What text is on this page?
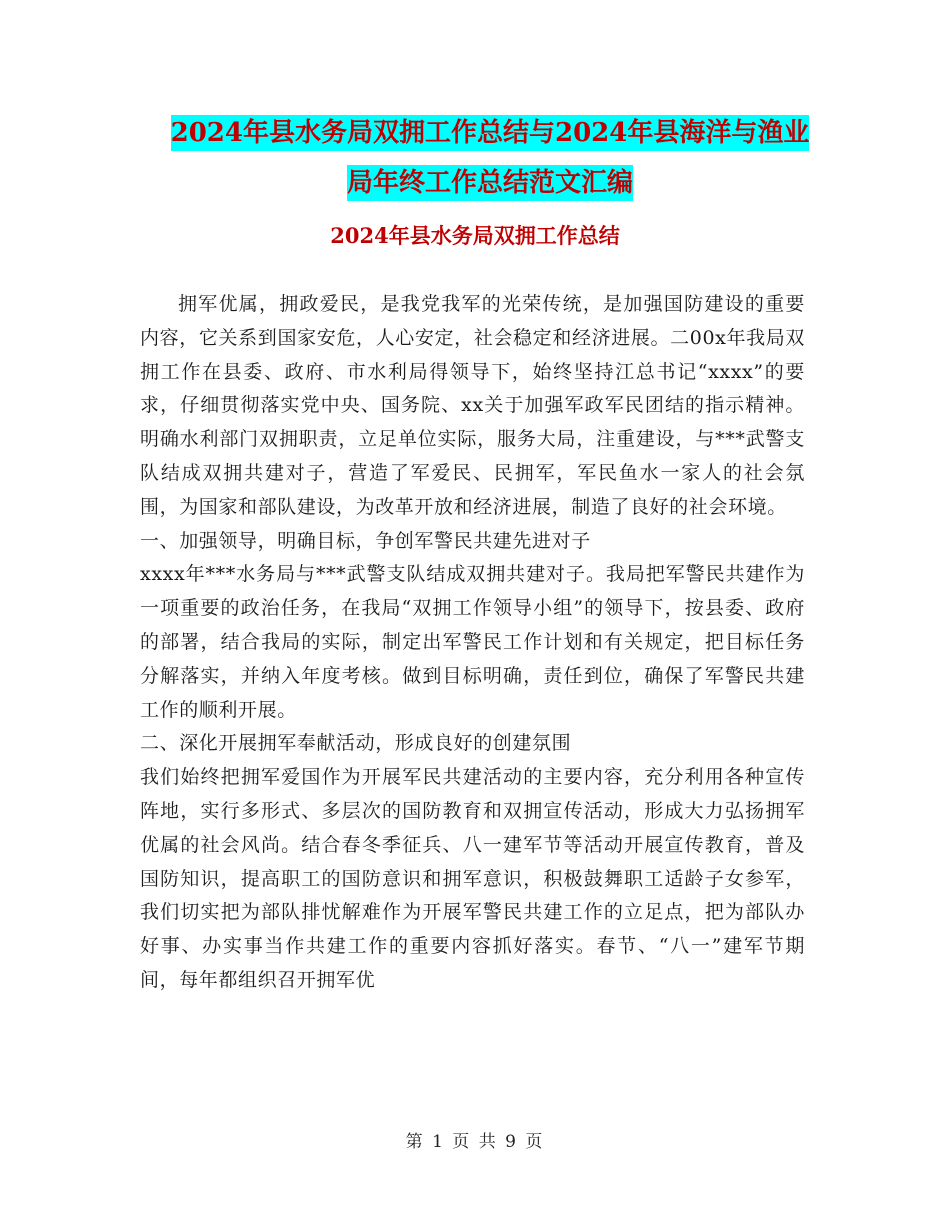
2024年县水务局双拥工作总结与2024年县海洋与渔业
局年终工作总结范文汇编
2024年县水务局双拥工作总结

拥军优属，拥政爱民，是我党我军的光荣传统，是加强国防建设的重要内容，它关系到国家安危，人心安定，社会稳定和经济进展。二00x年我局双拥工作在县委、政府、市水利局得领导下，始终坚持江总书记“xxxx”的要求，仔细贯彻落实党中央、国务院、xx关于加强军政军民团结的指示精神。明确水利部门双拥职责，立足单位实际，服务大局，注重建设，与***武警支队结成双拥共建对子，营造了军爱民、民拥军，军民鱼水一家人的社会氛围，为国家和部队建设，为改革开放和经济进展，制造了良好的社会环境。

一、加强领导，明确目标，争创军警民共建先进对子

xxxx年***水务局与***武警支队结成双拥共建对子。我局把军警民共建作为一项重要的政治任务，在我局“双拥工作领导小组”的领导下，按县委、政府的部署，结合我局的实际，制定出军警民工作计划和有关规定，把目标任务分解落实，并纳入年度考核。做到目标明确，责任到位，确保了军警民共建工作的顺利开展。

二、深化开展拥军奉献活动，形成良好的创建氛围

我们始终把拥军爱国作为开展军民共建活动的主要内容，充分利用各种宣传阵地，实行多形式、多层次的国防教育和双拥宣传活动，形成大力弘扬拥军优属的社会风尚。结合春冬季征兵、八一建军节等活动开展宣传教育，普及国防知识，提高职工的国防意识和拥军意识，积极鼓舞职工适龄子女参军，我们切实把为部队排忧解难作为开展军警民共建工作的立足点，把为部队办好事、办实事当作共建工作的重要内容抓好落实。春节、“八一”建军节期间，每年都组织召开拥军优

第 1 页 共 9 页
